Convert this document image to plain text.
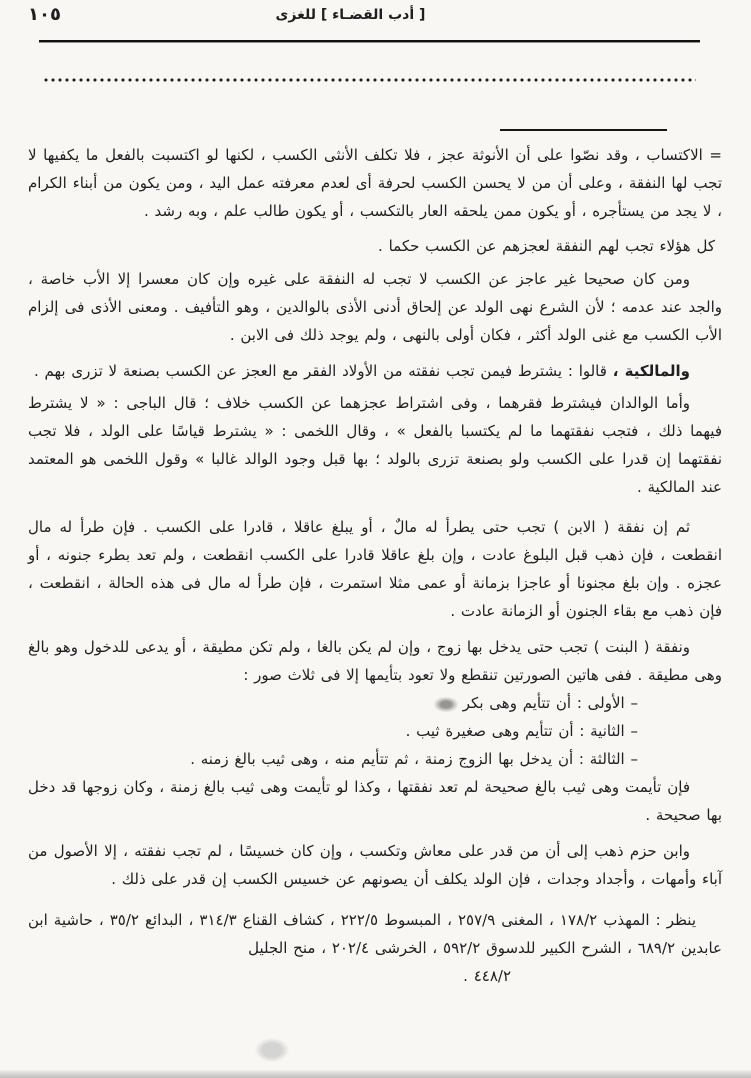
١٠٥	[ أدب القضـاء ] للغزى

= الاكتساب ، وقد نصّوا على أن الأنوثة عجز ، فلا تكلف الأنثى الكسب ، لكنها لو اكتسبت بالفعل ما يكفيها لا تجب لها النفقة ، وعلى أن من لا يحسن الكسب لحرفة أى لعدم معرفته عمل اليد ، ومن يكون من أبناء الكرام ، لا يجد من يستأجره ، أو يكون ممن يلحقه العار بالتكسب ، أو يكون طالب علم ، وبه رشد .

كل هؤلاء تجب لهم النفقة لعجزهم عن الكسب حكما .

ومن كان صحيحا غير عاجز عن الكسب لا تجب له النفقة على غيره وإن كان معسرا إلا الأب خاصة ، والجد عند عدمه ؛ لأن الشرع نهى الولد عن إلحاق أدنى الأذى بالوالدين ، وهو التأفيف . ومعنى الأذى فى إلزام الأب الكسب مع غنى الولد أكثر ، فكان أولى بالنهى ، ولم يوجد ذلك فى الابن .

والمالكية ، قالوا : يشترط فيمن تجب نفقته من الأولاد الفقر مع العجز عن الكسب بصنعة لا تزرى بهم .

وأما الوالدان فيشترط فقرهما ، وفى اشتراط عجزهما عن الكسب خلاف ؛ قال الباجى : « لا يشترط فيهما ذلك ، فتجب نفقتهما ما لم يكتسبا بالفعل » ، وقال اللخمى : « يشترط قياسًا على الولد ، فلا تجب نفقتهما إن قدرا على الكسب ولو بصنعة تزرى بالولد ؛ بها قبل وجود الوالد غالبا » وقول اللخمى هو المعتمد عند المالكية .

ثم إن نفقة ( الابن ) تجب حتى يطرأ له مالٌ ، أو يبلغ عاقلا ، قادرا على الكسب . فإن طرأ له مال انقطعت ، فإن ذهب قبل البلوغ عادت ، وإن بلغ عاقلا قادرا على الكسب انقطعت ، ولم تعد بطرء جنونه ، أو عجزه . وإن بلغ مجنونا أو عاجزا بزمانة أو عمى مثلا استمرت ، فإن طرأ له مال فى هذه الحالة ، انقطعت ، فإن ذهب مع بقاء الجنون أو الزمانة عادت .

ونفقة ( البنت ) تجب حتى يدخل بها زوج ، وإن لم يكن بالغا ، ولم تكن مطيقة ، أو يدعى للدخول وهو بالغ وهى مطيقة . ففى هاتين الصورتين تنقطع ولا تعود بتأيمها إلا فى ثلاث صور :

– الأولى : أن تتأيم وهى بكر

– الثانية : أن تتأيم وهى صغيرة ثيب .

– الثالثة : أن يدخل بها الزوج زمنة ، ثم تتأيم منه ، وهى ثيب بالغ زمنه .

فإن تأيمت وهى ثيب بالغ صحيحة لم تعد نفقتها ، وكذا لو تأيمت وهى ثيب بالغ زمنة ، وكان زوجها قد دخل بها صحيحة .

وابن حزم ذهب إلى أن من قدر على معاش وتكسب ، وإن كان خسيسًا ، لم تجب نفقته ، إلا الأصول من آباء وأمهات ، وأجداد وجدات ، فإن الولد يكلف أن يصونهم عن خسيس الكسب إن قدر على ذلك .

ينظر : المهذب ١٧٨/٢ ، المغنى ٢٥٧/٩ ، المبسوط ٢٢٢/٥ ، كشاف القناع ٣١٤/٣ ، البدائع ٣٥/٢ ، حاشية ابن عابدين ٦٨٩/٢ ، الشرح الكبير للدسوق ٥٩٢/٢ ، الخرشى ٢٠٢/٤ ، منح الجليل

٤٤٨/٢ .
